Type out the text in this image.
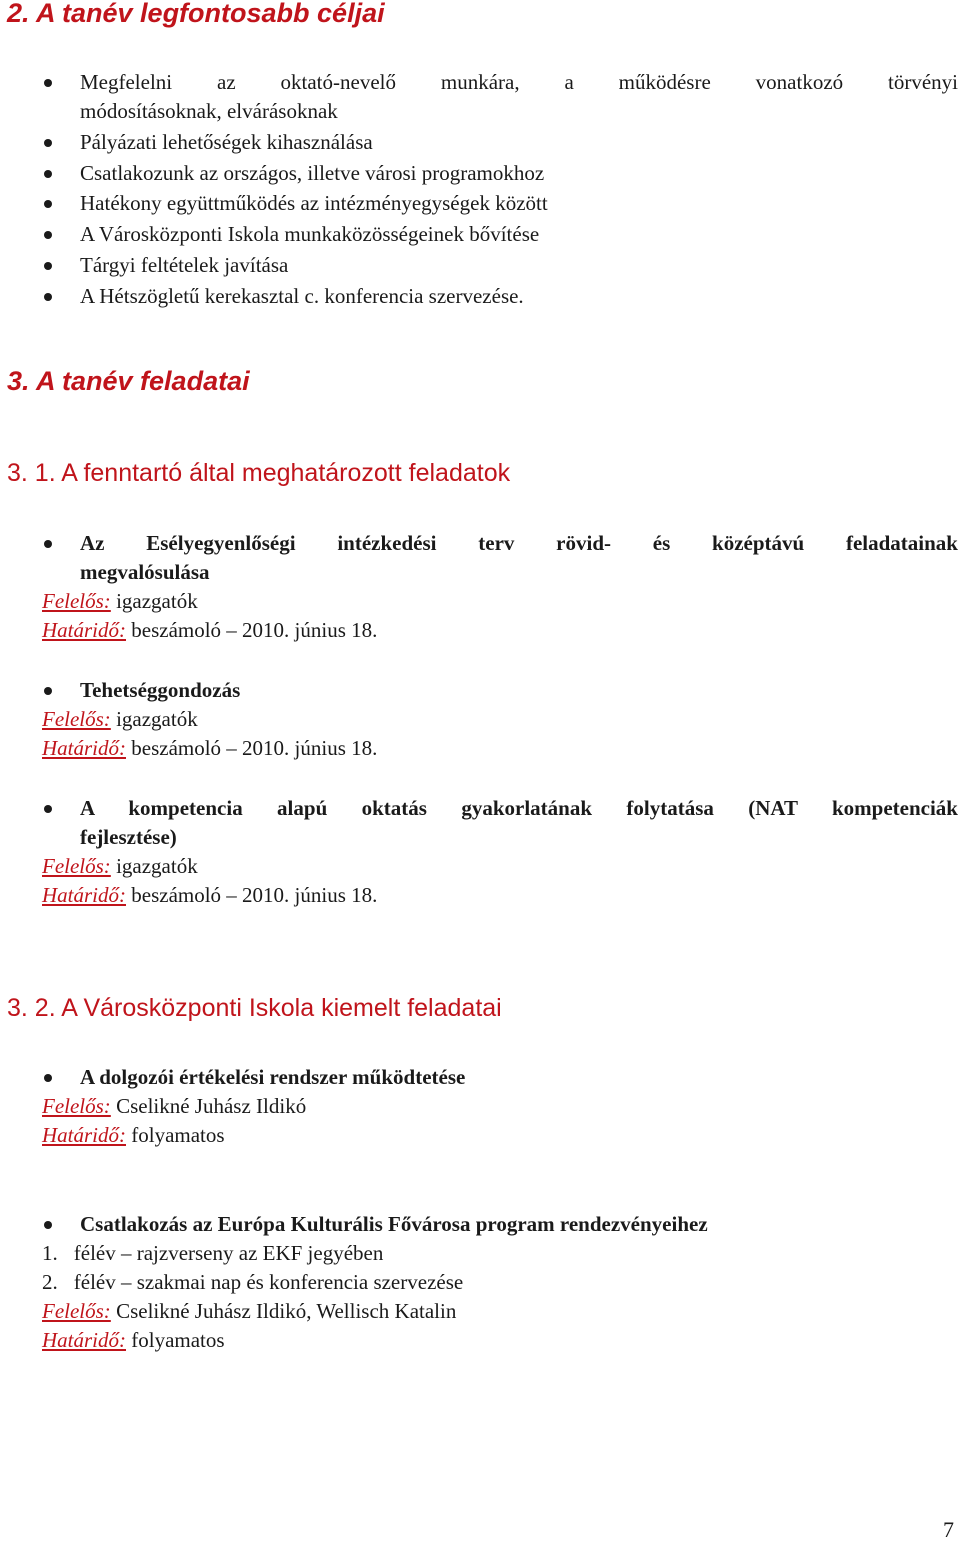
2. A tanév legfontosabb céljai
Megfelelni az oktató-nevelő munkára, a működésre vonatkozó törvényi
módosításoknak, elvárásoknak
Pályázati lehetőségek kihasználása
Csatlakozunk az országos, illetve városi programokhoz
Hatékony együttműködés az intézményegységek között
A Városközponti Iskola munkaközösségeinek bővítése
Tárgyi feltételek javítása
A Hétszögletű kerekasztal c. konferencia szervezése.
3. A tanév feladatai
3. 1. A fenntartó által meghatározott feladatok
Az Esélyegyenlőségi intézkedési terv rövid- és középtávú feladatainak
megvalósulása
Felelős: igazgatók
Határidő: beszámoló – 2010. június 18.
Tehetséggondozás
Felelős: igazgatók
Határidő: beszámoló – 2010. június 18.
A kompetencia alapú oktatás gyakorlatának folytatása (NAT kompetenciák
fejlesztése)
Felelős: igazgatók
Határidő: beszámoló – 2010. június 18.
3. 2. A Városközponti Iskola kiemelt feladatai
A dolgozói értékelési rendszer működtetése
Felelős: Cselikné Juhász Ildikó
Határidő: folyamatos
Csatlakozás az Európa Kulturális Fővárosa program rendezvényeihez
1. félév – rajzverseny az EKF jegyében
2. félév – szakmai nap és konferencia szervezése
Felelős: Cselikné Juhász Ildikó, Wellisch Katalin
Határidő: folyamatos
7
